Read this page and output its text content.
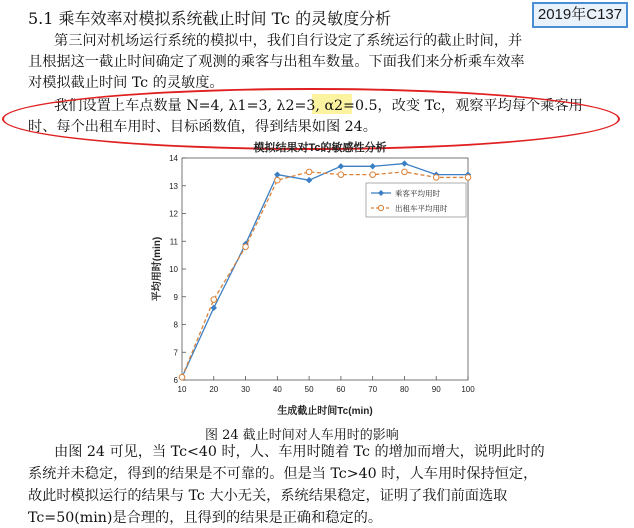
5.1 乘车效率对模拟系统截止时间 Tc 的灵敏度分析	2019年C137
第三问对机场运行系统的模拟中，我们自行设定了系统运行的截止时间，并
且根据这一截止时间确定了观测的乘客与出租车数量。下面我们来分析乘车效率
对模拟截止时间 Tc 的灵敏度。
我们设置上车点数量 N=4, λ1=3, λ2=3, α2=0.5，改变 Tc，观察平均每个乘客用
时、每个出租车用时、目标函数值，得到结果如图 24。
模拟结果对Tc的敏感性分析
6
7
8
9
10
11
12
13
14
10	20	30	40	50	60	70	80	90	100
平均用时(min)
生成截止时间Tc(min)
乘客平均用时
出租车平均用时
图 24 截止时间对人车用时的影响
由图 24 可见，当 Tc<40 时，人、车用时随着 Tc 的增加而增大，说明此时的
系统并未稳定，得到的结果是不可靠的。但是当 Tc>40 时，人车用时保持恒定，
故此时模拟运行的结果与 Tc 大小无关，系统结果稳定，证明了我们前面选取
Tc=50(min)是合理的，且得到的结果是正确和稳定的。
